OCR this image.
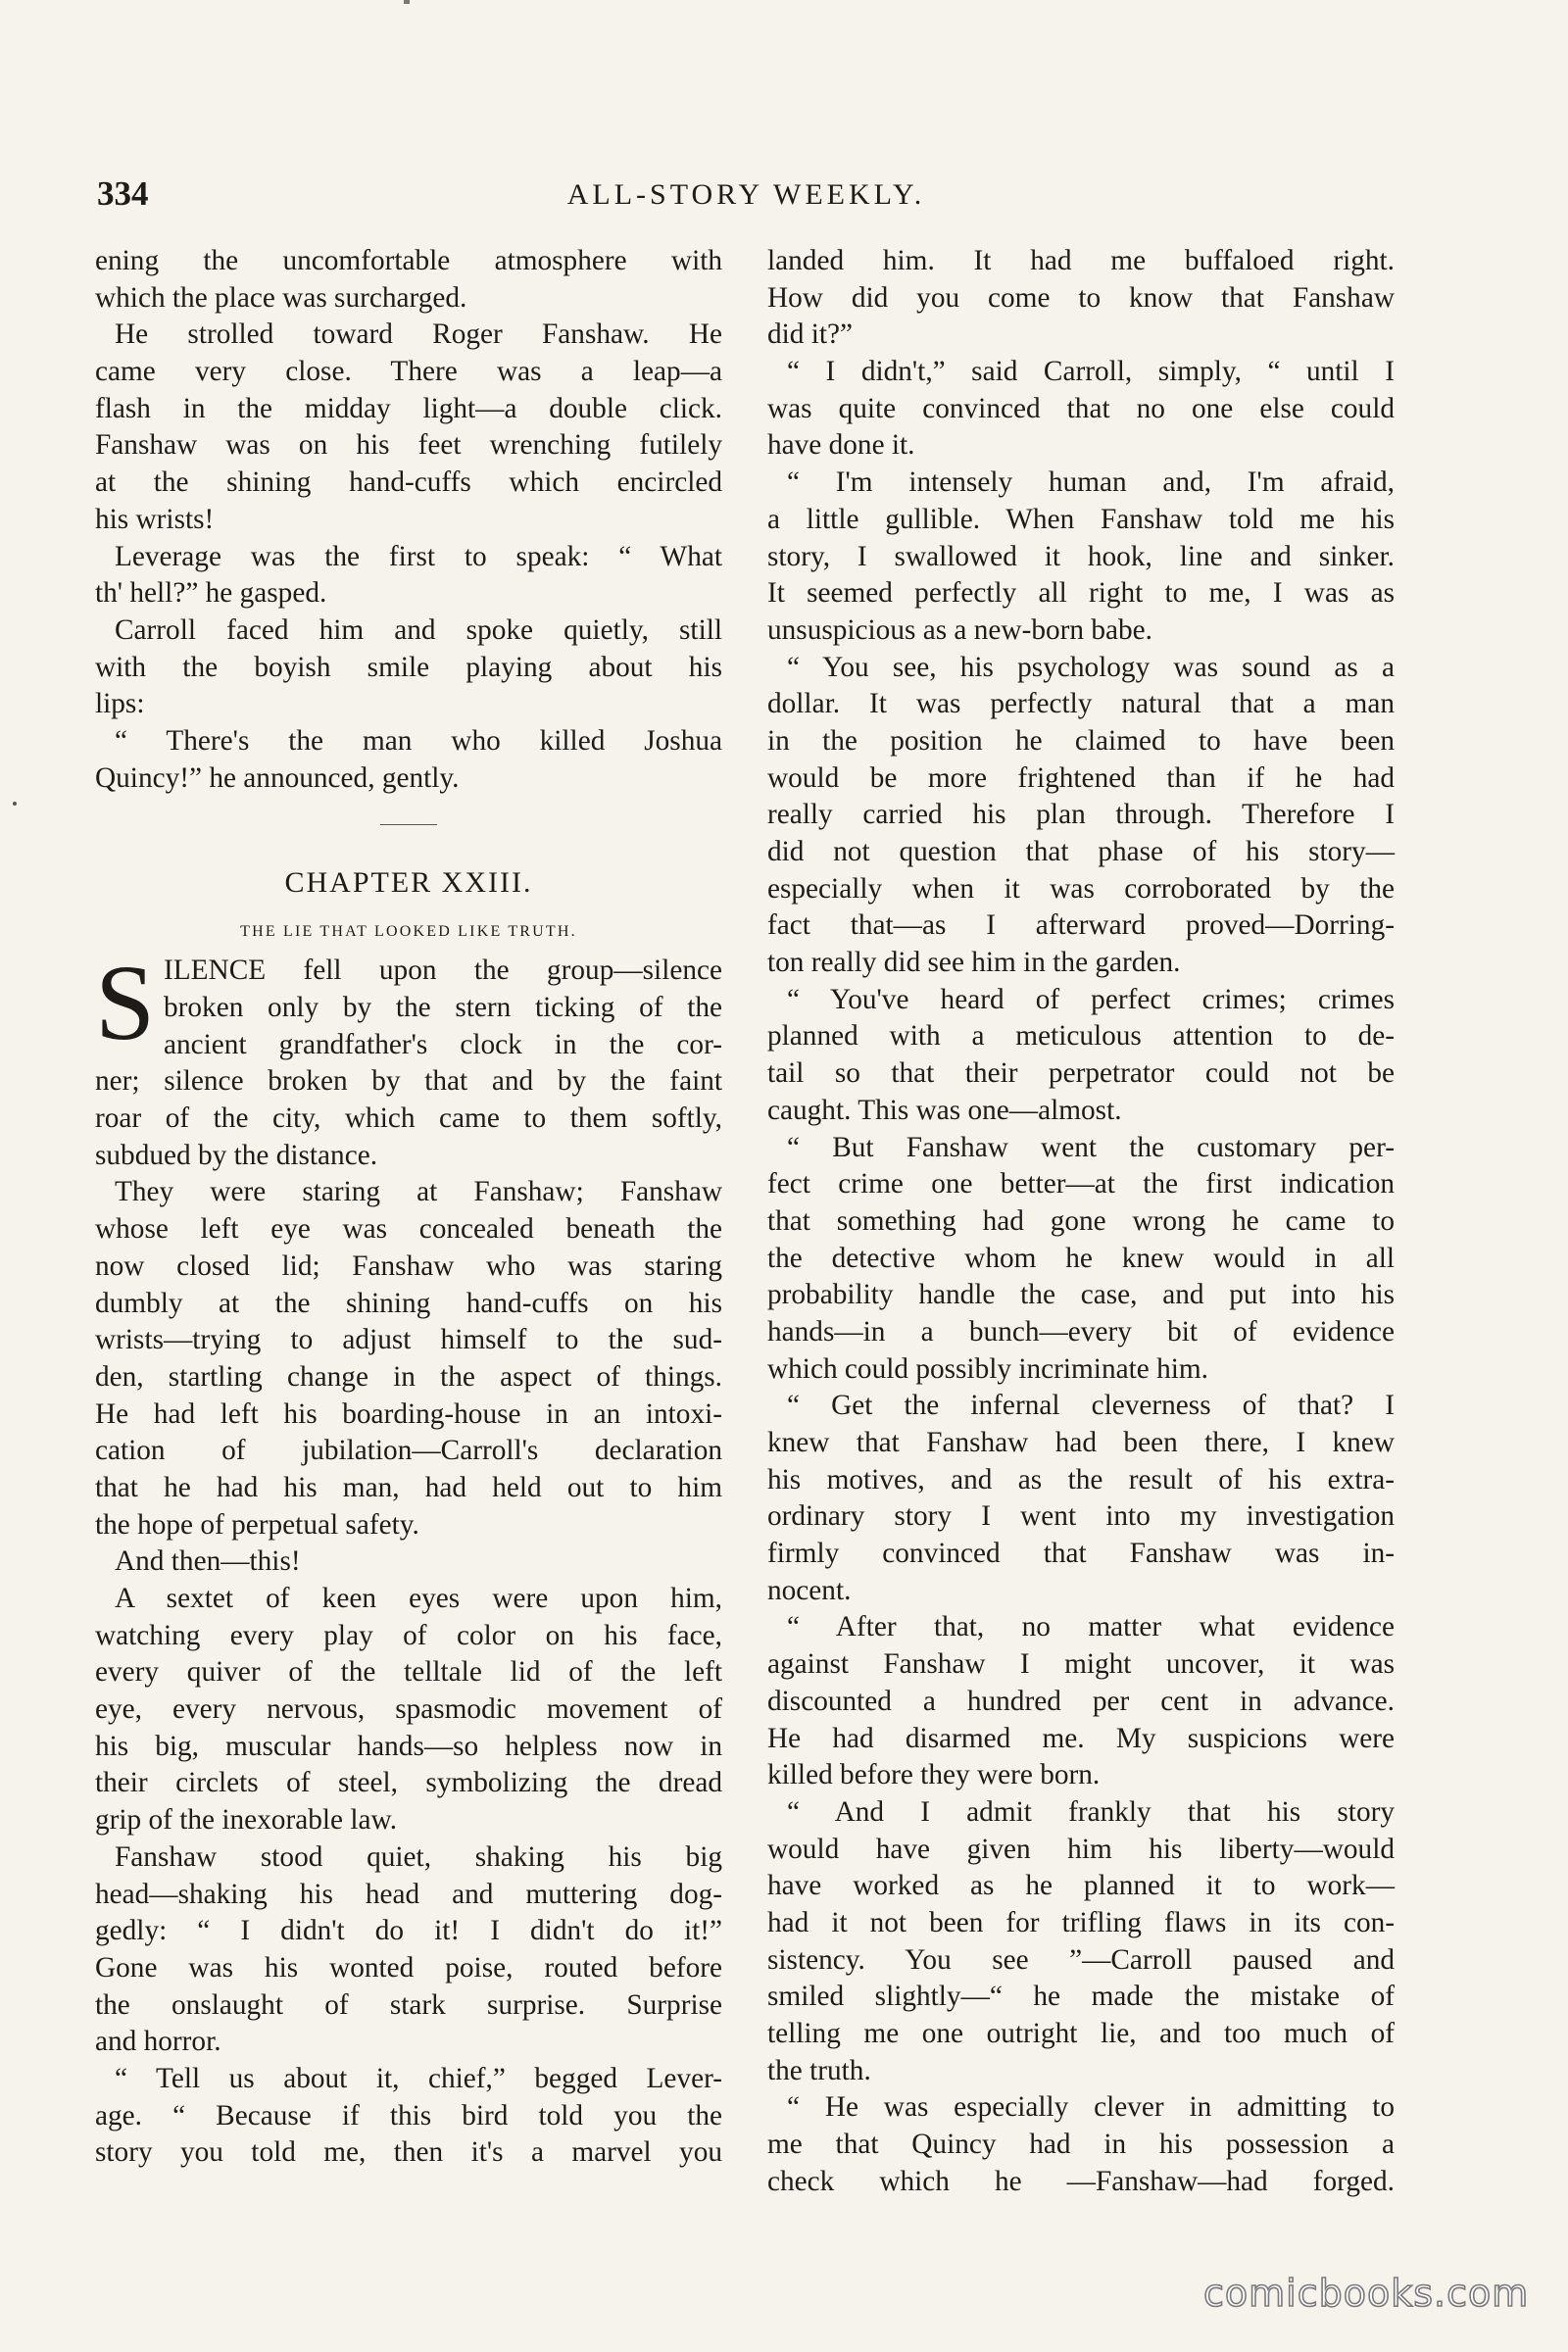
334	ALL-STORY WEEKLY.
ening the uncomfortable atmosphere with
which the place was surcharged.
He strolled toward Roger Fanshaw. He
came very close. There was a leap—a
flash in the midday light—a double click.
Fanshaw was on his feet wrenching futilely
at the shining hand-cuffs which encircled
his wrists!
Leverage was the first to speak: “ What
th' hell?” he gasped.
Carroll faced him and spoke quietly, still
with the boyish smile playing about his
lips:
“ There's the man who killed Joshua
Quincy!” he announced, gently.
CHAPTER XXIII.
THE LIE THAT LOOKED LIKE TRUTH.
S ILENCE fell upon the group—silence
broken only by the stern ticking of the
ancient grandfather's clock in the cor-
ner; silence broken by that and by the faint
roar of the city, which came to them softly,
subdued by the distance.
They were staring at Fanshaw; Fanshaw
whose left eye was concealed beneath the
now closed lid; Fanshaw who was staring
dumbly at the shining hand-cuffs on his
wrists—trying to adjust himself to the sud-
den, startling change in the aspect of things.
He had left his boarding-house in an intoxi-
cation of jubilation—Carroll's declaration
that he had his man, had held out to him
the hope of perpetual safety.
And then—this!
A sextet of keen eyes were upon him,
watching every play of color on his face,
every quiver of the telltale lid of the left
eye, every nervous, spasmodic movement of
his big, muscular hands—so helpless now in
their circlets of steel, symbolizing the dread
grip of the inexorable law.
Fanshaw stood quiet, shaking his big
head—shaking his head and muttering dog-
gedly: “ I didn't do it! I didn't do it!”
Gone was his wonted poise, routed before
the onslaught of stark surprise. Surprise
and horror.
“ Tell us about it, chief,” begged Lever-
age. “ Because if this bird told you the
story you told me, then it's a marvel you
landed him. It had me buffaloed right.
How did you come to know that Fanshaw
did it?”
“ I didn't,” said Carroll, simply, “ until I
was quite convinced that no one else could
have done it.
“ I'm intensely human and, I'm afraid,
a little gullible. When Fanshaw told me his
story, I swallowed it hook, line and sinker.
It seemed perfectly all right to me, I was as
unsuspicious as a new-born babe.
“ You see, his psychology was sound as a
dollar. It was perfectly natural that a man
in the position he claimed to have been
would be more frightened than if he had
really carried his plan through. Therefore I
did not question that phase of his story—
especially when it was corroborated by the
fact that—as I afterward proved—Dorring-
ton really did see him in the garden.
“ You've heard of perfect crimes; crimes
planned with a meticulous attention to de-
tail so that their perpetrator could not be
caught. This was one—almost.
“ But Fanshaw went the customary per-
fect crime one better—at the first indication
that something had gone wrong he came to
the detective whom he knew would in all
probability handle the case, and put into his
hands—in a bunch—every bit of evidence
which could possibly incriminate him.
“ Get the infernal cleverness of that? I
knew that Fanshaw had been there, I knew
his motives, and as the result of his extra-
ordinary story I went into my investigation
firmly convinced that Fanshaw was in-
nocent.
“ After that, no matter what evidence
against Fanshaw I might uncover, it was
discounted a hundred per cent in advance.
He had disarmed me. My suspicions were
killed before they were born.
“ And I admit frankly that his story
would have given him his liberty—would
have worked as he planned it to work—
had it not been for trifling flaws in its con-
sistency. You see ”—Carroll paused and
smiled slightly—“ he made the mistake of
telling me one outright lie, and too much of
the truth.
“ He was especially clever in admitting to
me that Quincy had in his possession a
check which he —Fanshaw—had forged.
comicbooks.com
